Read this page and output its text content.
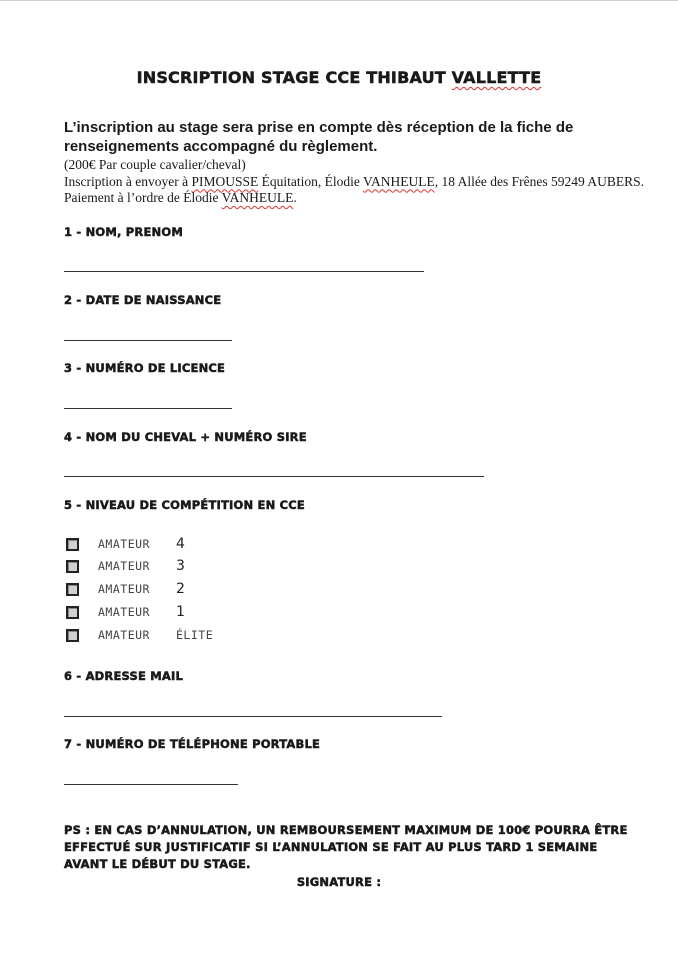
INSCRIPTION STAGE CCE THIBAUT VALLETTE
L’inscription au stage sera prise en compte dès réception de la fiche de renseignements accompagné du règlement.
(200€ Par couple cavalier/cheval)
Inscription à envoyer à PIMOUSSE Équitation, Élodie VANHEULE, 18 Allée des Frênes 59249 AUBERS. Paiement à l’ordre de Élodie VANHEULE.
1 - NOM, PRENOM
2 - DATE DE NAISSANCE
3 - NUMÉRO DE LICENCE
4 - NOM DU CHEVAL + NUMÉRO SIRE
5 - NIVEAU DE COMPÉTITION EN CCE
AMATEUR	4
AMATEUR	3
AMATEUR	2
AMATEUR	1
AMATEUR	ÉLITE
6 - ADRESSE MAIL
7 - NUMÉRO DE TÉLÉPHONE PORTABLE
PS : EN CAS D’ANNULATION, UN REMBOURSEMENT MAXIMUM DE 100€ POURRA ÊTRE EFFECTUÉ SUR JUSTIFICATIF SI L’ANNULATION SE FAIT AU PLUS TARD 1 SEMAINE AVANT LE DÉBUT DU STAGE.
SIGNATURE :
